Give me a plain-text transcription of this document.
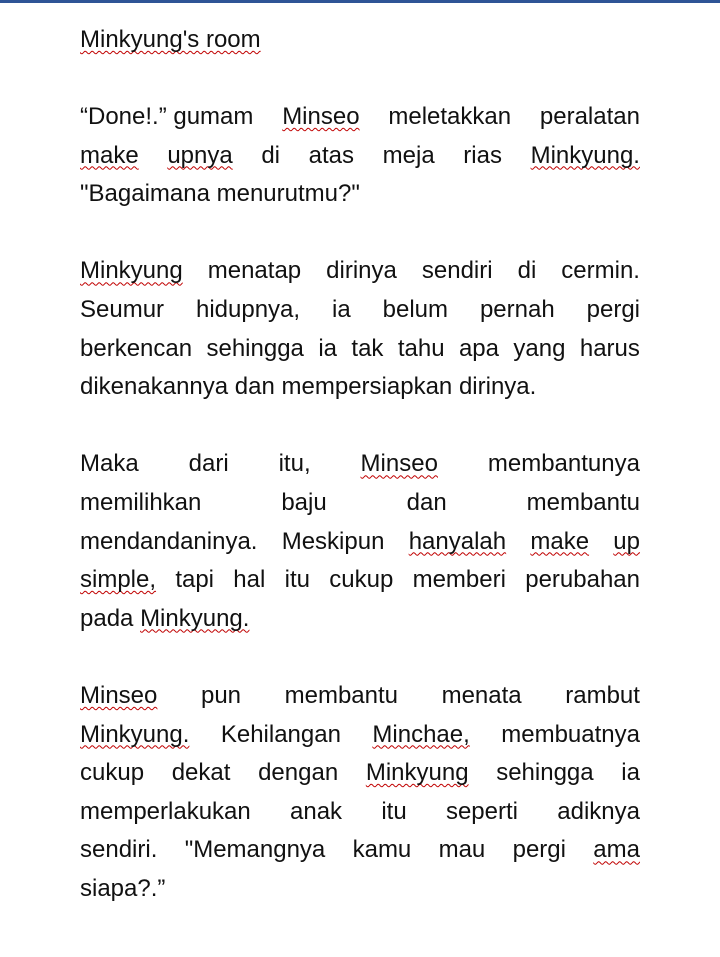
Minkyung's room
“Done!.” gumam Minseo meletakkan peralatan
make upnya di atas meja rias Minkyung.
"Bagaimana menurutmu?"
Minkyung menatap dirinya sendiri di cermin.
Seumur hidupnya, ia belum pernah pergi
berkencan sehingga ia tak tahu apa yang harus
dikenakannya dan mempersiapkan dirinya.
Maka dari itu, Minseo membantunya
memilihkan	baju	dan	membantu
mendandaninya. Meskipun hanyalah make up
simple, tapi hal itu cukup memberi perubahan
pada Minkyung.
Minseo pun membantu menata rambut
Minkyung. Kehilangan Minchae, membuatnya
cukup dekat dengan Minkyung sehingga ia
memperlakukan anak itu seperti adiknya
sendiri. "Memangnya kamu mau pergi ama
siapa?.”
